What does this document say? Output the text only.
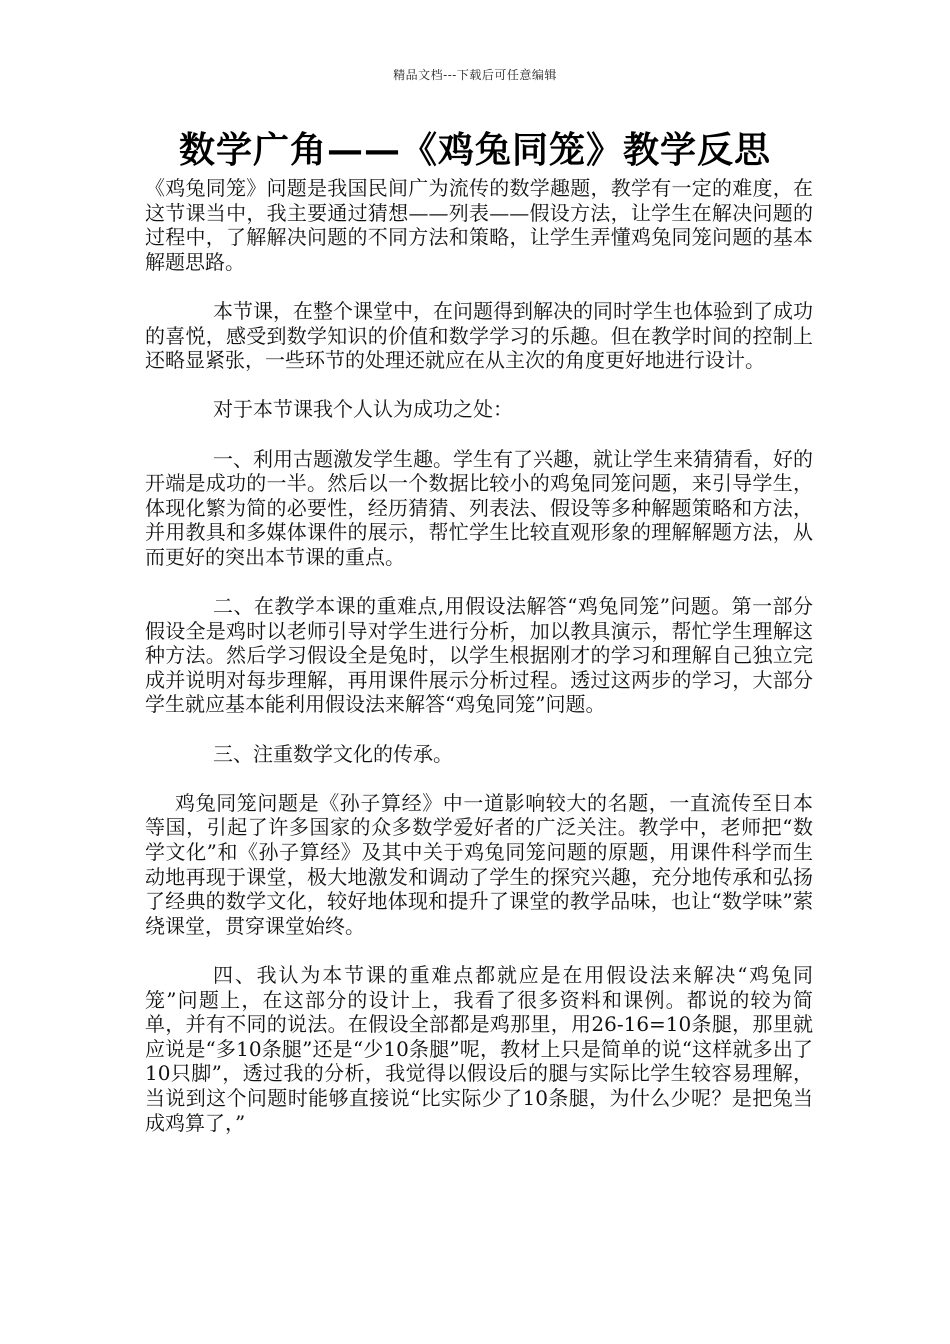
精品文档---下载后可任意编辑
数学广角——《鸡兔同笼》教学反思

《鸡兔同笼》问题是我国民间广为流传的数学趣题，教学有一定的难度，在这节课当中，我主要通过猜想——列表——假设方法，让学生在解决问题的过程中，了解解决问题的不同方法和策略，让学生弄懂鸡兔同笼问题的基本解题思路。

本节课，在整个课堂中，在问题得到解决的同时学生也体验到了成功的喜悦，感受到数学知识的价值和数学学习的乐趣。但在教学时间的控制上还略显紧张，一些环节的处理还就应在从主次的角度更好地进行设计。

对于本节课我个人认为成功之处：

一、利用古题激发学生趣。学生有了兴趣，就让学生来猜猜看，好的开端是成功的一半。然后以一个数据比较小的鸡兔同笼问题，来引导学生，体现化繁为简的必要性，经历猜猜、列表法、假设等多种解题策略和方法，并用教具和多媒体课件的展示，帮忙学生比较直观形象的理解解题方法，从而更好的突出本节课的重点。

二、在教学本课的重难点,用假设法解答“鸡兔同笼”问题。第一部分假设全是鸡时以老师引导对学生进行分析，加以教具演示，帮忙学生理解这种方法。然后学习假设全是兔时，以学生根据刚才的学习和理解自己独立完成并说明对每步理解，再用课件展示分析过程。透过这两步的学习，大部分学生就应基本能利用假设法来解答“鸡兔同笼”问题。

三、注重数学文化的传承。

鸡兔同笼问题是《孙子算经》中一道影响较大的名题，一直流传至日本等国，引起了许多国家的众多数学爱好者的广泛关注。教学中，老师把“数学文化”和《孙子算经》及其中关于鸡兔同笼问题的原题，用课件科学而生动地再现于课堂，极大地激发和调动了学生的探究兴趣，充分地传承和弘扬了经典的数学文化，较好地体现和提升了课堂的教学品味，也让“数学味”萦绕课堂，贯穿课堂始终。

四、我认为本节课的重难点都就应是在用假设法来解决“鸡兔同笼”问题上，在这部分的设计上，我看了很多资料和课例。都说的较为简单，并有不同的说法。在假设全部都是鸡那里，用26-16=10条腿，那里就应说是“多10条腿”还是“少10条腿”呢，教材上只是简单的说“这样就多出了10只脚”，透过我的分析，我觉得以假设后的腿与实际比学生较容易理解，当说到这个问题时能够直接说“比实际少了10条腿，为什么少呢？是把兔当成鸡算了，”
